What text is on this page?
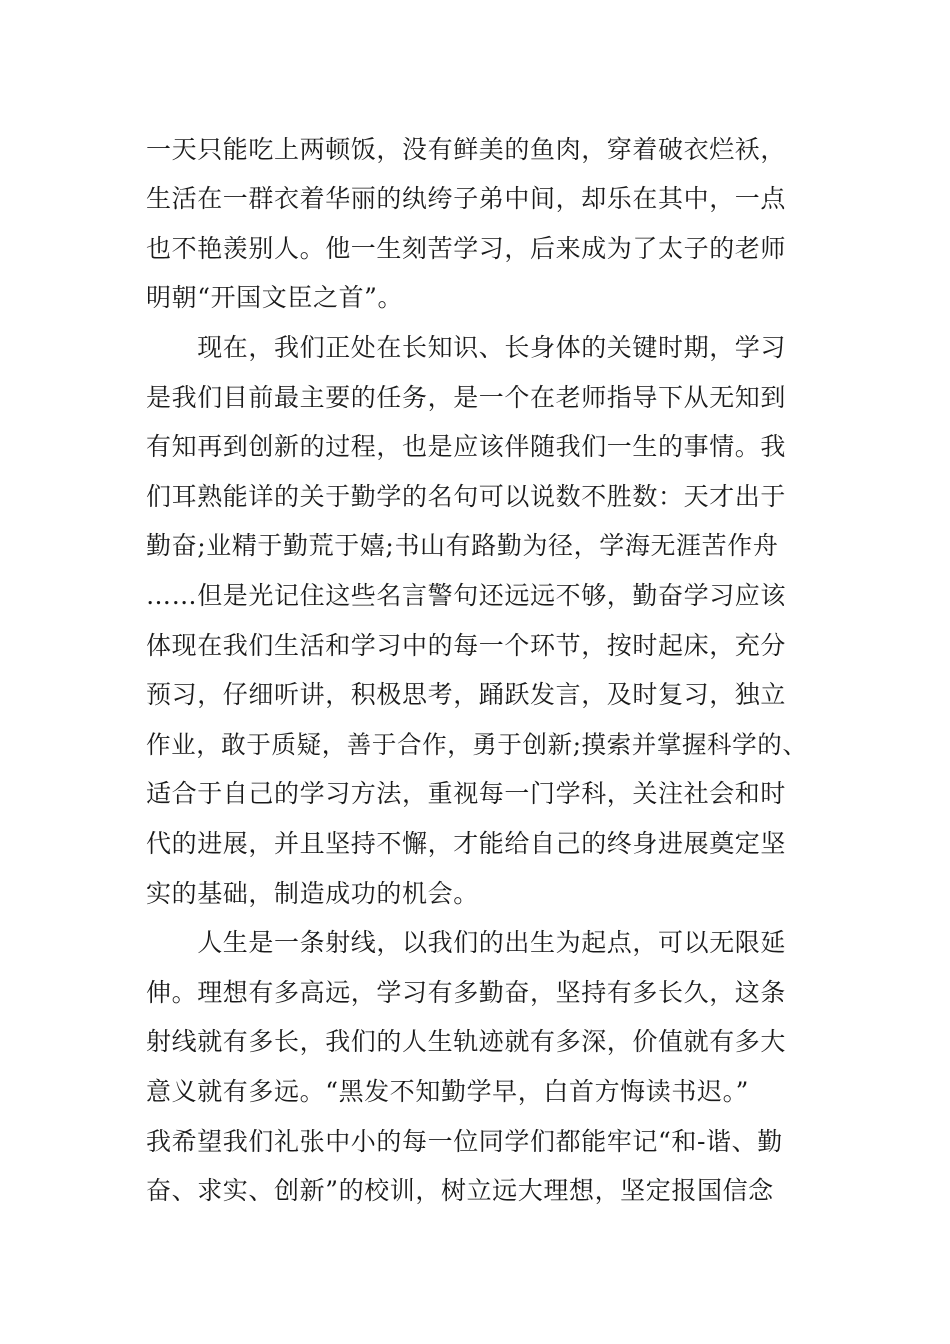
一天只能吃上两顿饭，没有鲜美的鱼肉，穿着破衣烂袄，
生活在一群衣着华丽的纨绔子弟中间，却乐在其中，一点
也不艳羡别人。他一生刻苦学习，后来成为了太子的老师
明朝“开国文臣之首”。
　　现在，我们正处在长知识、长身体的关键时期，学习
是我们目前最主要的任务，是一个在老师指导下从无知到
有知再到创新的过程，也是应该伴随我们一生的事情。我
们耳熟能详的关于勤学的名句可以说数不胜数：天才出于
勤奋;业精于勤荒于嬉;书山有路勤为径，学海无涯苦作舟
……但是光记住这些名言警句还远远不够，勤奋学习应该
体现在我们生活和学习中的每一个环节，按时起床，充分
预习，仔细听讲，积极思考，踊跃发言，及时复习，独立
作业，敢于质疑，善于合作，勇于创新;摸索并掌握科学的、
适合于自己的学习方法，重视每一门学科，关注社会和时
代的进展，并且坚持不懈，才能给自己的终身进展奠定坚
实的基础，制造成功的机会。
　　人生是一条射线，以我们的出生为起点，可以无限延
伸。理想有多高远，学习有多勤奋，坚持有多长久，这条
射线就有多长，我们的人生轨迹就有多深，价值就有多大
意义就有多远。“黑发不知勤学早，白首方悔读书迟。”
我希望我们礼张中小的每一位同学们都能牢记“和-谐、勤
奋、求实、创新”的校训，树立远大理想，坚定报国信念
